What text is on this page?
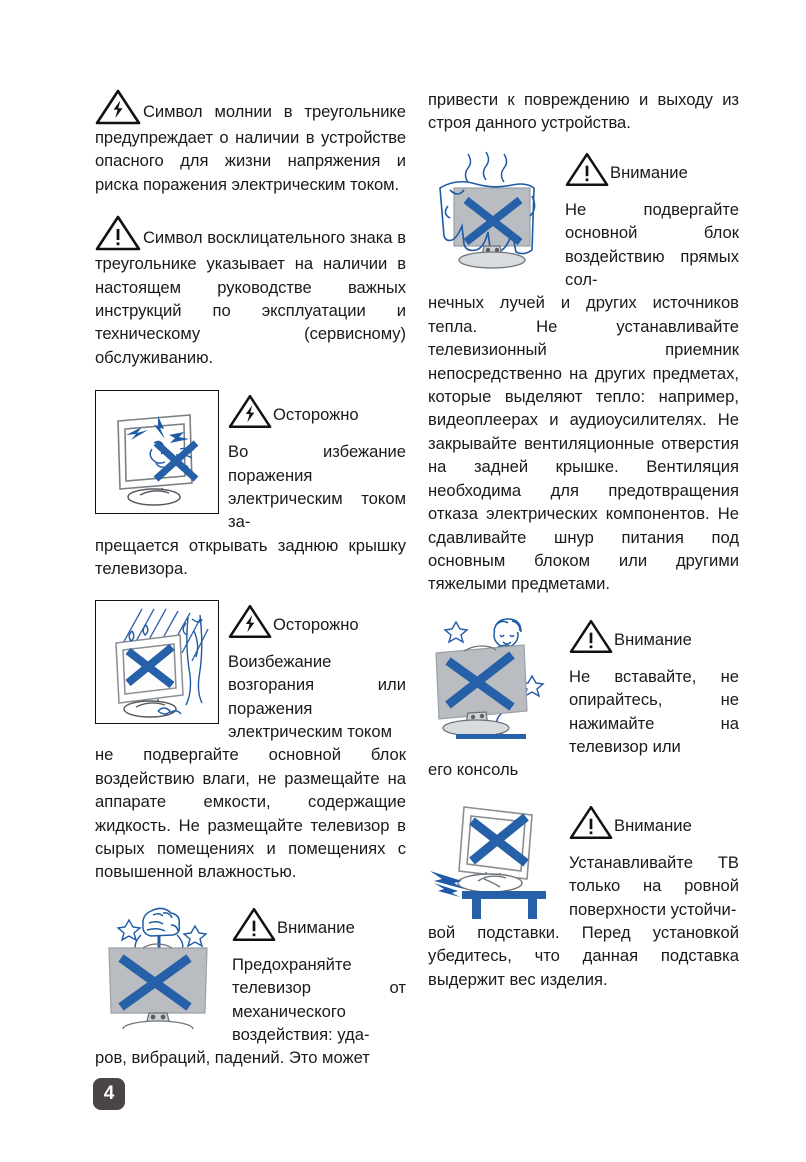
Символ молнии в треугольнике предупреждает о наличии в устройстве опасного для жизни напряжения и риска поражения электрическим током.

Символ восклицательного знака в треугольнике указывает на наличии в настоящем руководстве важных инструкций по эксплуатации и техническому (сервисному) обслуживанию.

Осторожно

Во избежание поражения электрическим током за-
прещается открывать заднюю крышку телевизора.

Осторожно

Воизбежание возгорания или поражения электрическим током
не подвергайте основной блок воздействию влаги, не размещайте на аппарате емкости, содержащие жидкость. Не размещайте телевизор в сырых помещениях и помещениях с повышенной влажностью.

Внимание

Предохраняйте телевизор от механического воздействия: уда-
ров, вибраций, падений. Это может

привести к повреждению и выходу из строя данного устройства.

Внимание

Не подвергайте основной блок воздействию прямых сол-
нечных лучей и других источников тепла. Не устанавливайте телевизионный приемник непосредственно на других предметах, которые выделяют тепло: например, видеоплеерах и аудиоусилителях. Не закрывайте вентиляционные отверстия на задней крышке. Вентиляция необходима для предотвращения отказа электрических компонентов. Не сдавливайте шнур питания под основным блоком или другими тяжелыми предметами.

Внимание

Не вставайте, не опирайтесь, не нажимайте на телевизор или
его консоль

Внимание

Устанавливайте ТВ только на ровной поверхности устойчи-
вой подставки. Перед установкой убедитесь, что данная подставка выдержит вес изделия.

4
